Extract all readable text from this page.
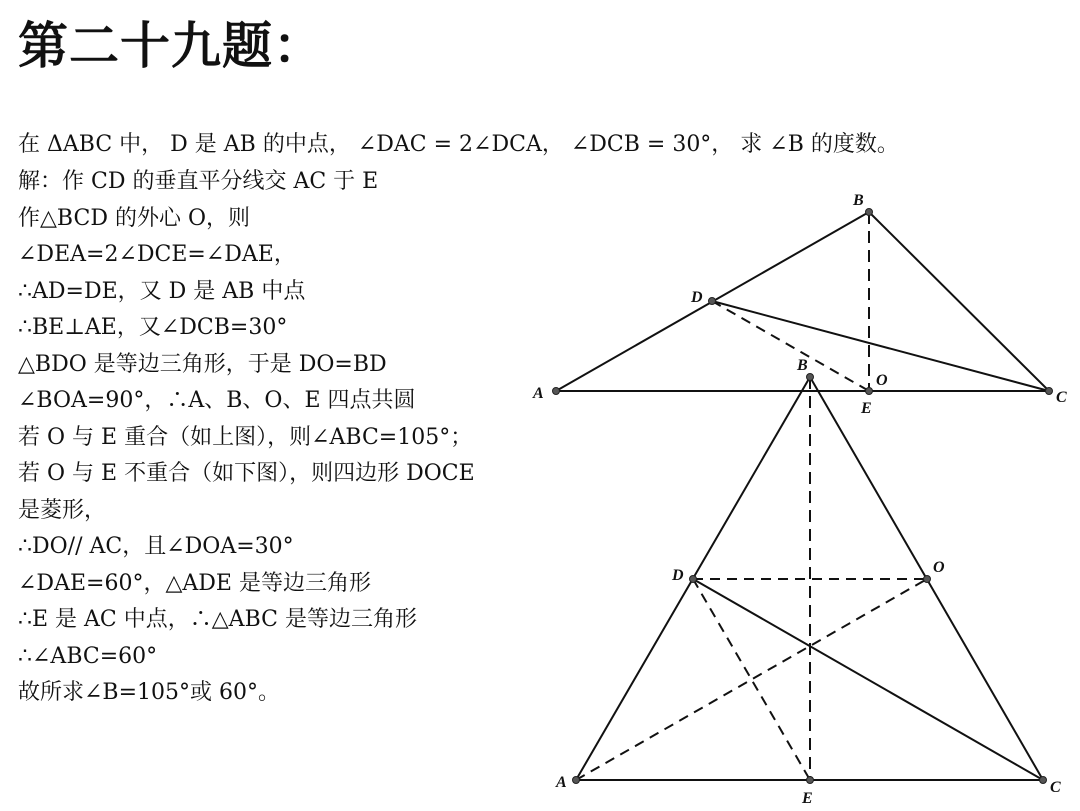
第二十九题：
在 ΔABC 中， D 是 AB 的中点， ∠DAC = 2∠DCA， ∠DCB = 30°， 求 ∠B 的度数。
解：作 CD 的垂直平分线交 AC 于 E
作△BCD 的外心 O，则
∠DEA=2∠DCE=∠DAE，
∴AD=DE，又 D 是 AB 中点
∴BE⊥AE，又∠DCB=30°
△BDO 是等边三角形，于是 DO=BD
∠BOA=90°，∴A、B、O、E 四点共圆
若 O 与 E 重合（如上图），则∠ABC=105°；
若 O 与 E 不重合（如下图），则四边形 DOCE
是菱形，
∴DO// AC，且∠DOA=30°
∠DAE=60°，△ADE 是等边三角形
∴E 是 AC 中点，∴△ABC 是等边三角形
∴∠ABC=60°
故所求∠B=105°或 60°。
A
B
C
D
E
O
A
B
C
D
E
O
